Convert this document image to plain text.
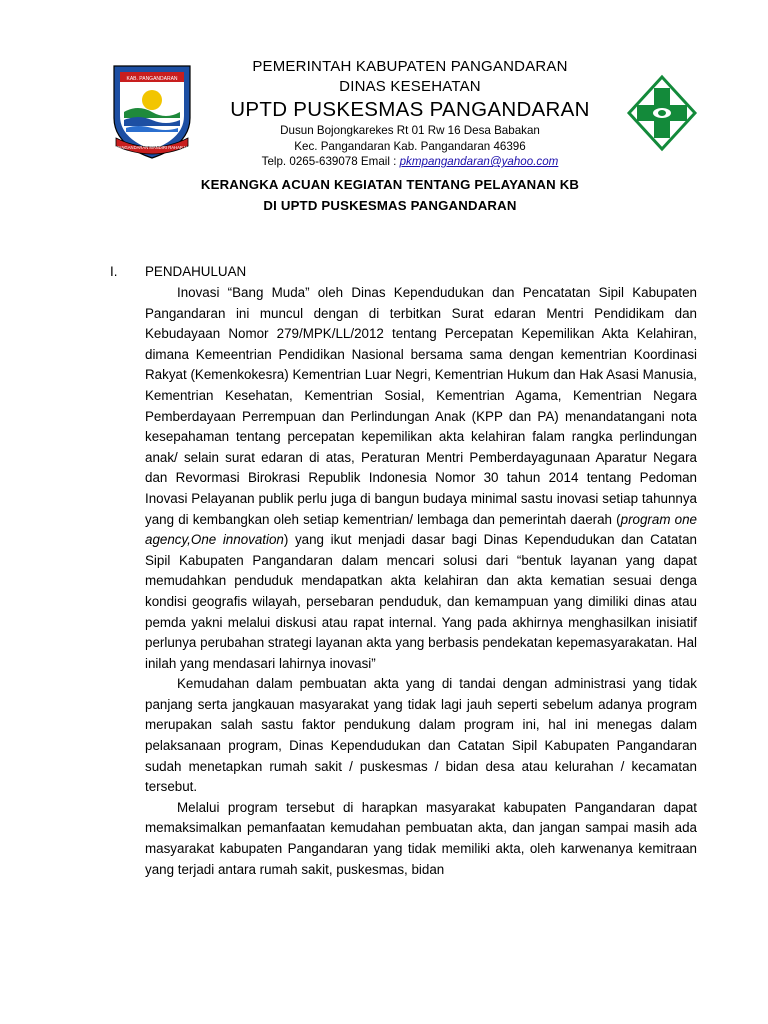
KAB. PANGANDARAN
PANGANDARAN MANDIRI RAHARJA
PEMERINTAH KABUPATEN PANGANDARAN
DINAS KESEHATAN
UPTD PUSKESMAS PANGANDARAN
Dusun Bojongkarekes Rt 01 Rw 16 Desa Babakan
Kec. Pangandaran Kab. Pangandaran 46396
Telp. 0265-639078 Email : pkmpangandaran@yahoo.com
KERANGKA ACUAN KEGIATAN TENTANG PELAYANAN KB
DI UPTD PUSKESMAS PANGANDARAN
I. PENDAHULUAN

Inovasi “Bang Muda” oleh Dinas Kependudukan dan Pencatatan Sipil Kabupaten Pangandaran ini muncul dengan di terbitkan Surat edaran Mentri Pendidikam dan Kebudayaan Nomor 279/MPK/LL/2012 tentang Percepatan Kepemilikan Akta Kelahiran, dimana Kemeentrian Pendidikan Nasional bersama sama dengan kementrian Koordinasi Rakyat (Kemenkokesra) Kementrian Luar Negri, Kementrian Hukum dan Hak Asasi Manusia, Kementrian Kesehatan, Kementrian Sosial, Kementrian Agama, Kementrian Negara Pemberdayaan Perrempuan dan Perlindungan Anak (KPP dan PA) menandatangani nota kesepahaman tentang percepatan kepemilikan akta kelahiran falam rangka perlindungan anak/ selain surat edaran di atas, Peraturan Mentri Pemberdayagunaan Aparatur Negara dan Revormasi Birokrasi Republik Indonesia Nomor 30 tahun 2014 tentang Pedoman Inovasi Pelayanan publik perlu juga di bangun budaya minimal sastu inovasi setiap tahunnya yang di kembangkan oleh setiap kementrian/ lembaga dan pemerintah daerah (program one agency,One innovation) yang ikut menjadi dasar bagi Dinas Kependudukan dan Catatan Sipil Kabupaten Pangandaran dalam mencari solusi dari “bentuk layanan yang dapat memudahkan penduduk mendapatkan akta kelahiran dan akta kematian sesuai denga kondisi geografis wilayah, persebaran penduduk, dan kemampuan yang dimiliki dinas atau pemda yakni melalui diskusi atau rapat internal. Yang pada akhirnya menghasilkan inisiatif perlunya perubahan strategi layanan akta yang berbasis pendekatan kepemasyarakatan. Hal inilah yang mendasari lahirnya inovasi”

Kemudahan dalam pembuatan akta yang di tandai dengan administrasi yang tidak panjang serta jangkauan masyarakat yang tidak lagi jauh seperti sebelum adanya program merupakan salah sastu faktor pendukung dalam program ini, hal ini menegas dalam pelaksanaan program, Dinas Kependudukan dan Catatan Sipil Kabupaten Pangandaran sudah menetapkan rumah sakit / puskesmas / bidan desa atau kelurahan / kecamatan tersebut.

Melalui program tersebut di harapkan masyarakat kabupaten Pangandaran dapat memaksimalkan pemanfaatan kemudahan pembuatan akta, dan jangan sampai masih ada masyarakat kabupaten Pangandaran yang tidak memiliki akta, oleh karwenanya kemitraan yang terjadi antara rumah sakit, puskesmas, bidan
